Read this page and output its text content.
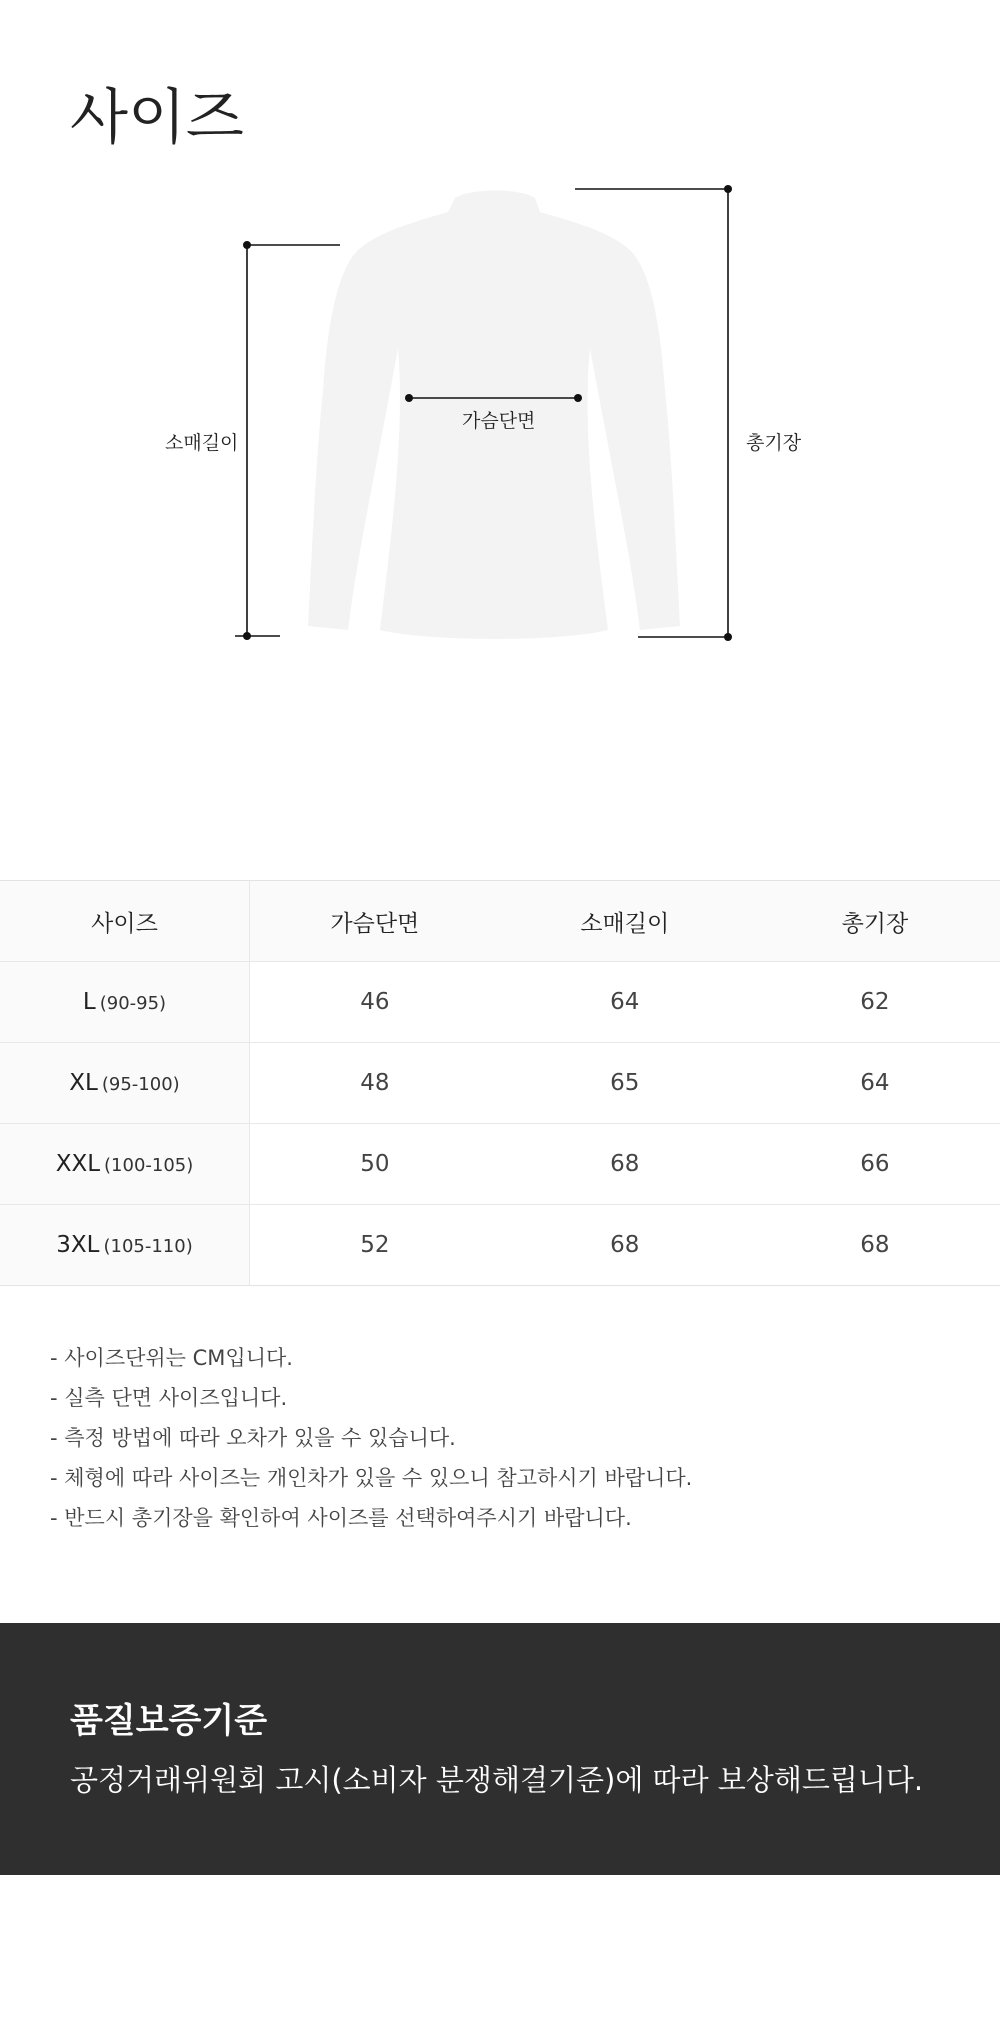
사이즈
소매길이
가슴단면
총기장
사이즈	가슴단면	소매길이	총기장
L (90-95)	46	64	62
XL (95-100)	48	65	64
XXL (100-105)	50	68	66
3XL (105-110)	52	68	68
- 사이즈단위는 CM입니다.
- 실측 단면 사이즈입니다.
- 측정 방법에 따라 오차가 있을 수 있습니다.
- 체형에 따라 사이즈는 개인차가 있을 수 있으니 참고하시기 바랍니다.
- 반드시 총기장을 확인하여 사이즈를 선택하여주시기 바랍니다.
품질보증기준

공정거래위원회 고시(소비자 분쟁해결기준)에 따라 보상해드립니다.
